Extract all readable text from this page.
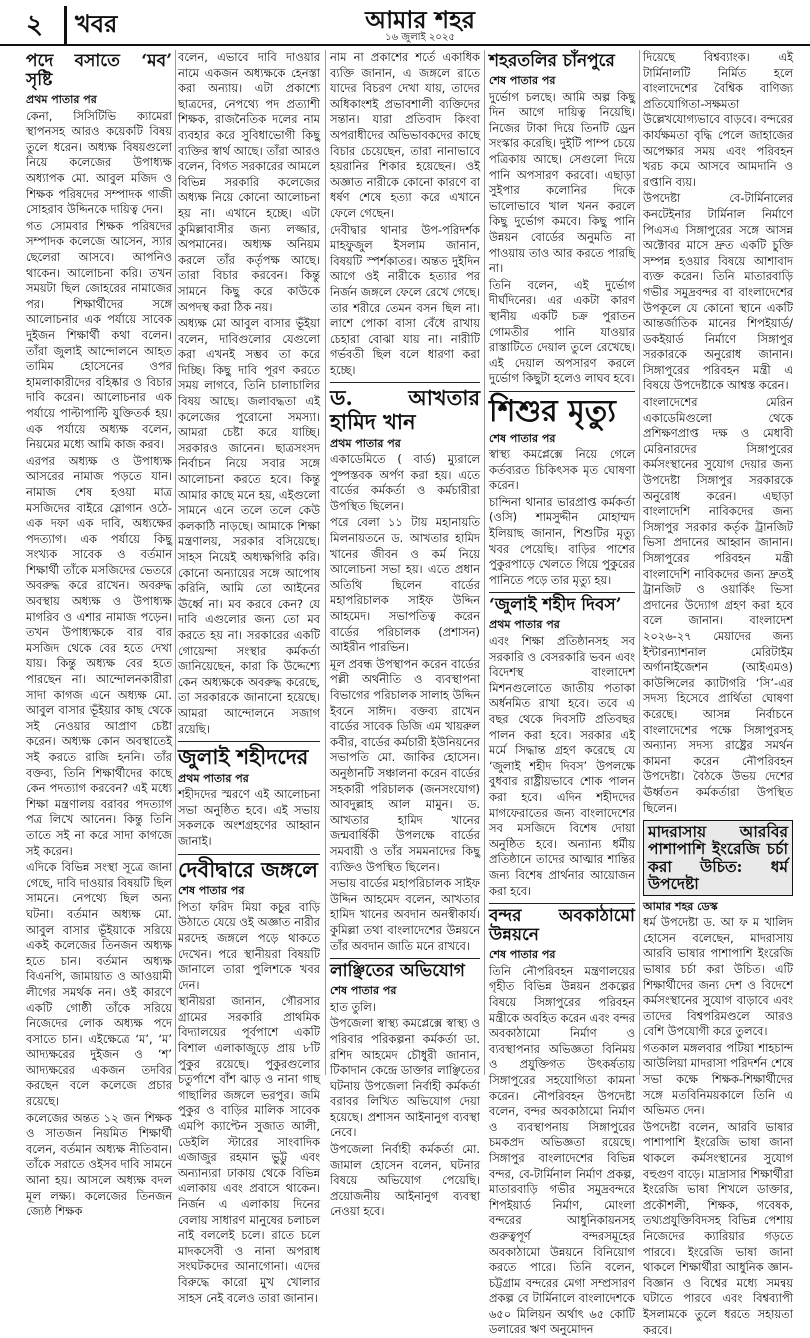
২	খবর	আমার শহর
১৬ জুলাই ২০২৫
পদে বসাতে ‘মব’ সৃষ্টি
প্রথম পাতার পর

কেনা, সিসিটিভি ক্যামেরা স্থাপনসহ আরও কয়েকটি বিষয় তুলে ধরেন। অধ্যক্ষ বিষয়গুলো নিয়ে কলেজের উপাধ্যক্ষ অধ্যাপক মো. আবুল মজিদ ও শিক্ষক পরিষদের সম্পাদক গাজী সোহরাব উদ্দিনকে দায়িত্ব দেন।

গত সোমবার শিক্ষক পরিষদের সম্পাদক কলেজে আসেন, স্যার ছেলেরা আসবে। আপনিও থাকেন। আলোচনা করি। তখন সময়টা ছিল জোহরের নামাজের পর। শিক্ষার্থীদের সঙ্গে আলোচনার এক পর্যায়ে সাবেক দুইজন শিক্ষার্থী কথা বলেন। তাঁরা জুলাই আন্দোলনে আহত তামিম হোসেনের ওপর হামলাকারীদের বহিষ্কার ও বিচার দাবি করেন। আলোচনার এক পর্যায়ে পাল্টাপাল্টি যুক্তিতর্ক হয়। এক পর্যায়ে অধ্যক্ষ বলেন, নিয়মের মধ্যে আমি কাজ করব।

এরপর অধ্যক্ষ ও উপাধ্যক্ষ আসরের নামাজ পড়তে যান। নামাজ শেষ হওয়া মাত্র মসজিদের বাইরে স্লোগান ওঠে- এক দফা এক দাবি, অধ্যক্ষের পদত্যাগ। এক পর্যায়ে কিছু সংখ্যক সাবেক ও বর্তমান শিক্ষার্থী তাঁকে মসজিদের ভেতরে অবরুদ্ধ করে রাখেন। অবরুদ্ধ অবস্থায় অধ্যক্ষ ও উপাধ্যক্ষ মাগরিব ও এশার নামাজ পড়েন। তখন উপাধ্যক্ষকে বার বার মসজিদ থেকে বের হতে দেখা যায়। কিন্তু অধ্যক্ষ বের হতে পারছেন না। আন্দোলনকারীরা সাদা কাগজ এনে অধ্যক্ষ মো. আবুল বাসার ভূঁইয়ার কাছ থেকে সই নেওয়ার আপ্রাণ চেষ্টা করেন। অধ্যক্ষ কোন অবস্থাতেই সই করতে রাজি হননি। তাঁর বক্তব্য, তিনি শিক্ষার্থীদের কাছে কেন পদত্যাগ করবেন? এই মধ্যে শিক্ষা মন্ত্রণালয় বরাবর পদত্যাগ পত্র লিখে আনেন। কিন্তু তিনি তাতে সই না করে সাদা কাগজে সই করেন।

এদিকে বিভিন্ন সংস্থা সূত্রে জানা গেছে, দাবি দাওয়ার বিষয়টি ছিল সামনে। নেপথ্যে ছিল অন্য ঘটনা। বর্তমান অধ্যক্ষ মো. আবুল বাসার ভূঁইয়াকে সরিয়ে একই কলেজের তিনজন অধ্যক্ষ হতে চান। বর্তমান অধ্যক্ষ বিএনপি, জামায়াত ও আওয়ামী লীগের সমর্থক নন। ওই কারণে একটি গোষ্ঠী তাঁকে সরিয়ে নিজেদের লোক অধ্যক্ষ পদে বসাতে চান। এইক্ষেত্রে ‘ম’, ‘ম’ আদ্যক্ষরের দুইজন ও ‘শ’ আদ্যক্ষরের একজন তদবির করছেন বলে কলেজে প্রচার রয়েছে।

কলেজের অন্তত ১২ জন শিক্ষক ও সাতজন নিয়মিত শিক্ষার্থী বলেন, বর্তমান অধ্যক্ষ নীতিবান। তাঁকে সরাতে ওইসব দাবি সামনে আনা হয়। আসলে অধ্যক্ষ বদল মূল লক্ষ্য। কলেজের তিনজন জ্যেষ্ঠ শিক্ষক

বলেন, এভাবে দাবি দাওয়ার নামে একজন অধ্যক্ষকে হেনস্তা করা অন্যায়। এটা প্রকাশ্যে ছাত্রদের, নেপথ্যে পদ প্রত্যাশী শিক্ষক, রাজনৈতিক দলের নাম ব্যবহার করে সুবিধাভোগী কিছু ব্যক্তির স্বার্থ আছে। তাঁরা আরও বলেন, বিগত সরকারের আমলে বিভিন্ন সরকারি কলেজের অধ্যক্ষ নিয়ে কোনো আলোচনা হয় না। এখানে হচ্ছে। এটা কুমিল্লাবাসীর জন্য লজ্জার, অপমানের। অধ্যক্ষ অনিয়ম করলে তাঁর কর্তৃপক্ষ আছে। তারা বিচার করবেন। কিন্তু সামনে কিছু করে কাউকে অপদস্থ করা ঠিক নয়।

অধ্যক্ষ মো আবুল বাসার ভূঁইয়া বলেন, দাবিগুলোর যেগুলো করা এখনই সম্ভব তা করে দিচ্ছি। কিছু দাবি পূরণ করতে সময় লাগবে, তিনি চালাচালির বিষয় আছে। জলাবদ্ধতা এই কলেজের পুরোনো সমস্যা। আমরা চেষ্টা করে যাচ্ছি। সরকারও জানেন। ছাত্রসংসদ নির্বাচন নিয়ে সবার সঙ্গে আলোচনা করতে হবে। কিন্তু আমার কাছে মনে হয়, এইগুলো সামনে এনে তলে তলে কেউ কলকাঠি নাড়ছে। আমাকে শিক্ষা মন্ত্রণালয়, সরকার বসিয়েছে। সাহস নিয়েই অধ্যক্ষগিরি করি। কোনো অন্যায়ের সঙ্গে আপোষ করিনি, আমি তো আইনের ঊর্ধ্বে না। মব করবে কেন? যে দাবি এগুলোর জন্য তো মব করতে হয় না। সরকারের একটি গোয়েন্দা সংস্থার কর্মকর্তা জানিয়েছেন, কারা কি উদ্দেশ্যে কেন অধ্যক্ষকে অবরুদ্ধ করেছে, তা সরকারকে জানানো হয়েছে। আমরা আন্দোলনে সজাগ রয়েছি।

জুলাই শহীদদের
প্রথম পাতার পর

শহীদদের স্মরণে এই আলোচনা সভা অনুষ্ঠিত হবে। এই সভায় সকলকে অংশগ্রহণের আহ্বান জানাই।

দেবীদ্বারে জঙ্গলে
শেষ পাতার পর

পিতা ফরিদ মিয়া কচুর বাড়ি উঠাতে যেয়ে ওই অজ্ঞাত নারীর মরদেহ জঙ্গলে পড়ে থাকতে দেখেন। পরে স্থানীয়রা বিষয়টি জানালে তারা পুলিশকে খবর দেন।

স্থানীয়রা জানান, গৌরসার গ্রামের সরকারি প্রাথমিক বিদ্যালয়ের পূর্বপাশে একটি বিশাল এলাকাজুড়ে প্রায় ৮টি পুকুর রয়েছে। পুকুরগুলোর চতুর্পাশে বাঁশ ঝাড় ও নানা গাছ গাছালির জঙ্গলে ভরপুর। জমি পুকুর ও বাড়ির মালিক সাবেক এমপি ক্যাপ্টেন সুজাত আলী, ডেইলি স্টারের সাংবাদিক এজাজুর রহমান ভুট্টু এবং অন্যান্যরা ঢাকায় থেকে বিভিন্ন এলাকায় এবং প্রবাসে থাকেন। নির্জন এ এলাকায় দিনের বেলায় সাধারণ মানুষের চলাচল নাই বললেই চলে। রাতে চলে মাদকসেবী ও নানা অপরাধ সংঘটকদের আনাগোনা। এদের বিরুদ্ধে কারো মুখ খোলার সাহস নেই বলেও তারা জানান।

নাম না প্রকাশের শর্তে একাধিক ব্যক্তি জানান, এ জঙ্গলে রাতে যাদের বিচরণ দেখা যায়, তাদের অধিকাংশই প্রভাবশালী ব্যক্তিদের সন্তান। যারা প্রতিবাদ কিংবা অপরাধীদের অভিভাবকদের কাছে বিচার চেয়েছেন, তারা নানাভাবে হয়রানির শিকার হয়েছেন। ওই অজ্ঞাত নারীকে কোনো কারণে বা ধর্ষণ শেষে হত্যা করে এখানে ফেলে গেছেন।

দেবীদ্বার থানার উপ-পরিদর্শক মাহফুজুল ইসলাম জানান, বিষয়টি স্পর্শকাতর। অন্তত দুইদিন আগে ওই নারীকে হত্যার পর নির্জন জঙ্গলে ফেলে রেখে গেছে। তার শরীরে তেমন বসন ছিল না। লাশে পোকা বাসা বেঁধে রাখায় চেহারা বোঝা যায় না। নারীটি গর্ভবতী ছিল বলে ধারণা করা হচ্ছে।

ড. আখতার হামিদ খান
প্রথম পাতার পর

একাডেমিতে ( বার্ড) ম্যুরালে পুষ্পস্তবক অর্পণ করা হয়। এতে বার্ডের কর্মকর্তা ও কর্মচারীরা উপস্থিত ছিলেন।

পরে বেলা ১১ টায় মহানায়তি মিলনায়তনে ড. আখতার হামিদ খানের জীবন ও কর্ম নিয়ে আলোচনা সভা হয়। এতে প্রধান অতিথি ছিলেন বার্ডের মহাপরিচালক সাইফ উদ্দিন আহমেদ। সভাপতিত্ব করেন বার্ডের পরিচালক (প্রশাসন) আইরীন পারভিন।

মূল প্রবন্ধ উপস্থাপন করেন বার্ডের পল্লী অর্থনীতি ও ব্যবস্থাপনা বিভাগের পরিচালক সালাহ উদ্দিন ইবনে সাঈদ। বক্তব্য রাখেন বার্ডের সাবেক ডিজি এম খায়রুল কবীর, বার্ডের কর্মচারী ইউনিয়নের সভাপতি মো. জাকির হোসেন। অনুষ্ঠানটি সঞ্চালনা করেন বার্ডের সহকারী পরিচালক (জনসংযোগ) আবদুল্লাহ আল মামুন। ড. আখতার হামিদ খানের জন্মবার্ষিকী উপলক্ষে বার্ডের সমবায়ী ও তাঁর সমমনাদের কিছু ব্যক্তিও উপস্থিত ছিলেন।

সভায় বার্ডের মহাপরিচালক সাইফ উদ্দিন আহমেদ বলেন, আখতার হামিদ খানের অবদান অনস্বীকার্য। কুমিল্লা তথা বাংলাদেশের উন্নয়নে তাঁর অবদান জাতি মনে রাখবে।

লাঞ্ছিতের অভিযোগ
শেষ পাতার পর

হাত তুলি।

উপজেলা স্বাস্থ্য কমপ্লেক্সে স্বাস্থ্য ও পরিবার পরিকল্পনা কর্মকর্তা ডা. রশিদ আহমেদ চৌধুরী জানান, টিকাদান কেন্দ্রে ডাক্তার লাঞ্ছিতের ঘটনায় উপজেলা নির্বাহী কর্মকর্তা বরাবর লিখিত অভিযোগ দেয়া হয়েছে। প্রশাসন আইনানুগ ব্যবস্থা নেবে।

উপজেলা নির্বাহী কর্মকর্তা মো. জামাল হোসেন বলেন, ঘটনার বিষয়ে অভিযোগ পেয়েছি। প্রয়োজনীয় আইনানুগ ব্যবস্থা নেওয়া হবে।

শহরতলির চাঁনপুরে
শেষ পাতার পর

দুর্ভোগ চলছে। আমি অল্প কিছু দিন আগে দায়িত্ব নিয়েছি। নিজের টাকা দিয়ে তিনটি ড্রেন সংস্কার করেছি। দুইটি পাম্প চেয়ে পত্রিকায় আছে। সেগুলো দিয়ে পানি অপসারণ করবো। এছাড়া সুইপার কলোনির দিকে ভালোভাবে খাল খনন করলে কিছু দুর্ভোগ কমবে। কিছু পানি উন্নয়ন বোর্ডের অনুমতি না পাওয়ায় তাও আর করতে পারছি না।

তিনি বলেন, এই দুর্ভোগ দীর্ঘদিনের। এর একটা কারণ স্থানীয় একটি চক্র পুরাতন গোমতীর পানি যাওয়ার রাস্তাটিতে দেয়াল তুলে রেখেছে। এই দেয়াল অপসারণ করলে দুর্ভোগ কিছুটা হলেও লাঘব হবে।

শিশুর মৃত্যু
শেষ পাতার পর

স্বাস্থ্য কমপ্লেক্সে নিয়ে গেলে কর্তব্যরত চিকিৎসক মৃত ঘোষণা করেন।

চান্দিনা থানার ভারপ্রাপ্ত কর্মকর্তা (ওসি) শামসুদ্দীন মোহাম্মদ ইলিয়াছ জানান, শিশুটির মৃত্যু খবর পেয়েছি। বাড়ির পাশের পুকুরপাড়ে খেলতে গিয়ে পুকুরের পানিতে পড়ে তার মৃত্যু হয়।

‘জুলাই শহীদ দিবস’
প্রথম পাতার পর

এবং শিক্ষা প্রতিষ্ঠানসহ সব সরকারি ও বেসরকারি ভবন এবং বিদেশস্থ বাংলাদেশ মিশনগুলোতে জাতীয় পতাকা অর্ধনমিত রাখা হবে। তবে এ বছর থেকে দিবসটি প্রতিবছর পালন করা হবে। সরকার এই মর্মে সিদ্ধান্ত গ্রহণ করেছে যে ‘জুলাই শহীদ দিবস’ উপলক্ষে বুধবার রাষ্ট্রীয়ভাবে শোক পালন করা হবে। এদিন শহীদদের মাগফেরাতের জন্য বাংলাদেশের সব মসজিদে বিশেষ দোয়া অনুষ্ঠিত হবে। অন্যান্য ধর্মীয় প্রতিষ্ঠানে তাদের আত্মার শান্তির জন্য বিশেষ প্রার্থনার আয়োজন করা হবে।

বন্দর অবকাঠামো উন্নয়নে
শেষ পাতার পর

তিনি নৌপরিবহন মন্ত্রণালয়ের গৃহীত বিভিন্ন উন্নয়ন প্রকল্পের বিষয়ে সিঙ্গাপুরের পরিবহন মন্ত্রীকে অবহিত করেন এবং বন্দর অবকাঠামো নির্মাণ ও ব্যবস্থাপনার অভিজ্ঞতা বিনিময় ও প্রযুক্তিগত উৎকর্ষতায় সিঙ্গাপুরের সহযোগিতা কামনা করেন। নৌপরিবহন উপদেষ্টা বলেন, বন্দর অবকাঠামো নির্মাণ ও ব্যবস্থাপনায় সিঙ্গাপুরের চমকপ্রদ অভিজ্ঞতা রয়েছে। সিঙ্গাপুর বাংলাদেশের বিভিন্ন বন্দর, বে-টার্মিনাল নির্মাণ প্রকল্প, মাতারবাড়ি গভীর সমুদ্রবন্দরে শিপইয়ার্ড নির্মাণ, মোংলা বন্দরের আধুনিকায়নসহ গুরুত্বপূর্ণ বন্দরসমূহের অবকাঠামো উন্নয়নে বিনিয়োগ করতে পারে। তিনি বলেন, চট্টগ্রাম বন্দরের মেগা সম্প্রসারণ প্রকল্প বে টার্মিনালে বাংলাদেশকে ৬৫০ মিলিয়ন অর্থাৎ ৬৫ কোটি ডলারের ঋণ অনুমোদন

দিয়েছে বিশ্বব্যাংক। এই টার্মিনালটি নির্মিত হলে বাংলাদেশের বৈশ্বিক বাণিজ্য প্রতিযোগিতা-সক্ষমতা উল্লেখযোগ্যভাবে বাড়বে। বন্দরের কার্যক্ষমতা বৃদ্ধি পেলে জাহাজের অপেক্ষার সময় এবং পরিবহন খরচ কমে আসবে আমদানি ও রপ্তানি ব্যয়।

উপদেষ্টা বে-টার্মিনালের কনটেইনার টার্মিনাল নির্মাণে পিএসএ সিঙ্গাপুরের সঙ্গে আসন্ন অক্টোবর মাসে দ্রুত একটি চুক্তি সম্পন্ন হওয়ার বিষয়ে আশাবাদ ব্যক্ত করেন। তিনি মাতারবাড়ি গভীর সমুদ্রবন্দর বা বাংলাদেশের উপকূলে যে কোনো স্থানে একটি আন্তর্জাতিক মানের শিপইয়ার্ড/ডকইয়ার্ড নির্মাণে সিঙ্গাপুর সরকারকে অনুরোধ জানান। সিঙ্গাপুরের পরিবহন মন্ত্রী এ বিষয়ে উপদেষ্টাকে আশ্বস্ত করেন।

বাংলাদেশের মেরিন একাডেমিগুলো থেকে প্রশিক্ষণপ্রাপ্ত দক্ষ ও মেধাবী মেরিনারদের সিঙ্গাপুরের কর্মসংস্থানের সুযোগ দেয়ার জন্য উপদেষ্টা সিঙ্গাপুর সরকারকে অনুরোধ করেন। এছাড়া বাংলাদেশি নাবিকদের জন্য সিঙ্গাপুর সরকার কর্তৃক ট্রানজিট ভিসা প্রদানের আহ্বান জানান। সিঙ্গাপুরের পরিবহন মন্ত্রী বাংলাদেশি নাবিকদের জন্য দ্রুতই ট্রানজিট ও ওয়ার্কিং ভিসা প্রদানের উদ্যোগ গ্রহণ করা হবে বলে জানান। বাংলাদেশ ২০২৬-২৭ মেয়াদের জন্য ইন্টারন্যাশনাল মেরিটাইম অর্গানাইজেশন (আইএমও) কাউন্সিলের ক্যাটাগরি ‘সি’-এর সদস্য হিসেবে প্রার্থিতা ঘোষণা করেছে। আসন্ন নির্বাচনে বাংলাদেশের পক্ষে সিঙ্গাপুরসহ অন্যান্য সদস্য রাষ্ট্রের সমর্থন কামনা করেন নৌপরিবহন উপদেষ্টা। বৈঠকে উভয় দেশের ঊর্ধ্বতন কর্মকর্তারা উপস্থিত ছিলেন।

মাদরাসায় আরবির পাশাপাশি ইংরেজি চর্চা করা উচিত: ধর্ম উপদেষ্টা
আমার শহর ডেস্ক

ধর্ম উপদেষ্টা ড. আ ফ ম খালিদ হোসেন বলেছেন, মাদরাসায় আরবি ভাষার পাশাপাশি ইংরেজি ভাষার চর্চা করা উচিত। এটি শিক্ষার্থীদের জন্য দেশ ও বিদেশে কর্মসংস্থানের সুযোগ বাড়াবে এবং তাদের বিশ্বপরিমণ্ডলে আরও বেশি উপযোগী করে তুলবে।

গতকাল মঙ্গলবার পটিয়া শাহচান্দ আউলিয়া মাদরাসা পরিদর্শন শেষে সভা কক্ষে শিক্ষক-শিক্ষার্থীদের সঙ্গে মতবিনিময়কালে তিনি এ অভিমত দেন।

উপদেষ্টা বলেন, আরবি ভাষার পাশাপাশি ইংরেজি ভাষা জানা থাকলে কর্মসংস্থানের সুযোগ বহুগুণ বাড়ে। মাদ্রাসার শিক্ষার্থীরা ইংরেজি ভাষা শিখলে ডাক্তার, প্রকৌশলী, শিক্ষক, গবেষক, তথ্যপ্রযুক্তিবিদসহ বিভিন্ন পেশায় নিজেদের ক্যারিয়ার গড়তে পারবে। ইংরেজি ভাষা জানা থাকলে শিক্ষার্থীরা আধুনিক জ্ঞান-বিজ্ঞান ও বিশ্বের মধ্যে সমন্বয় ঘটাতে পারবে এবং বিশ্বব্যাপী ইসলামকে তুলে ধরতে সহায়তা করবে।
